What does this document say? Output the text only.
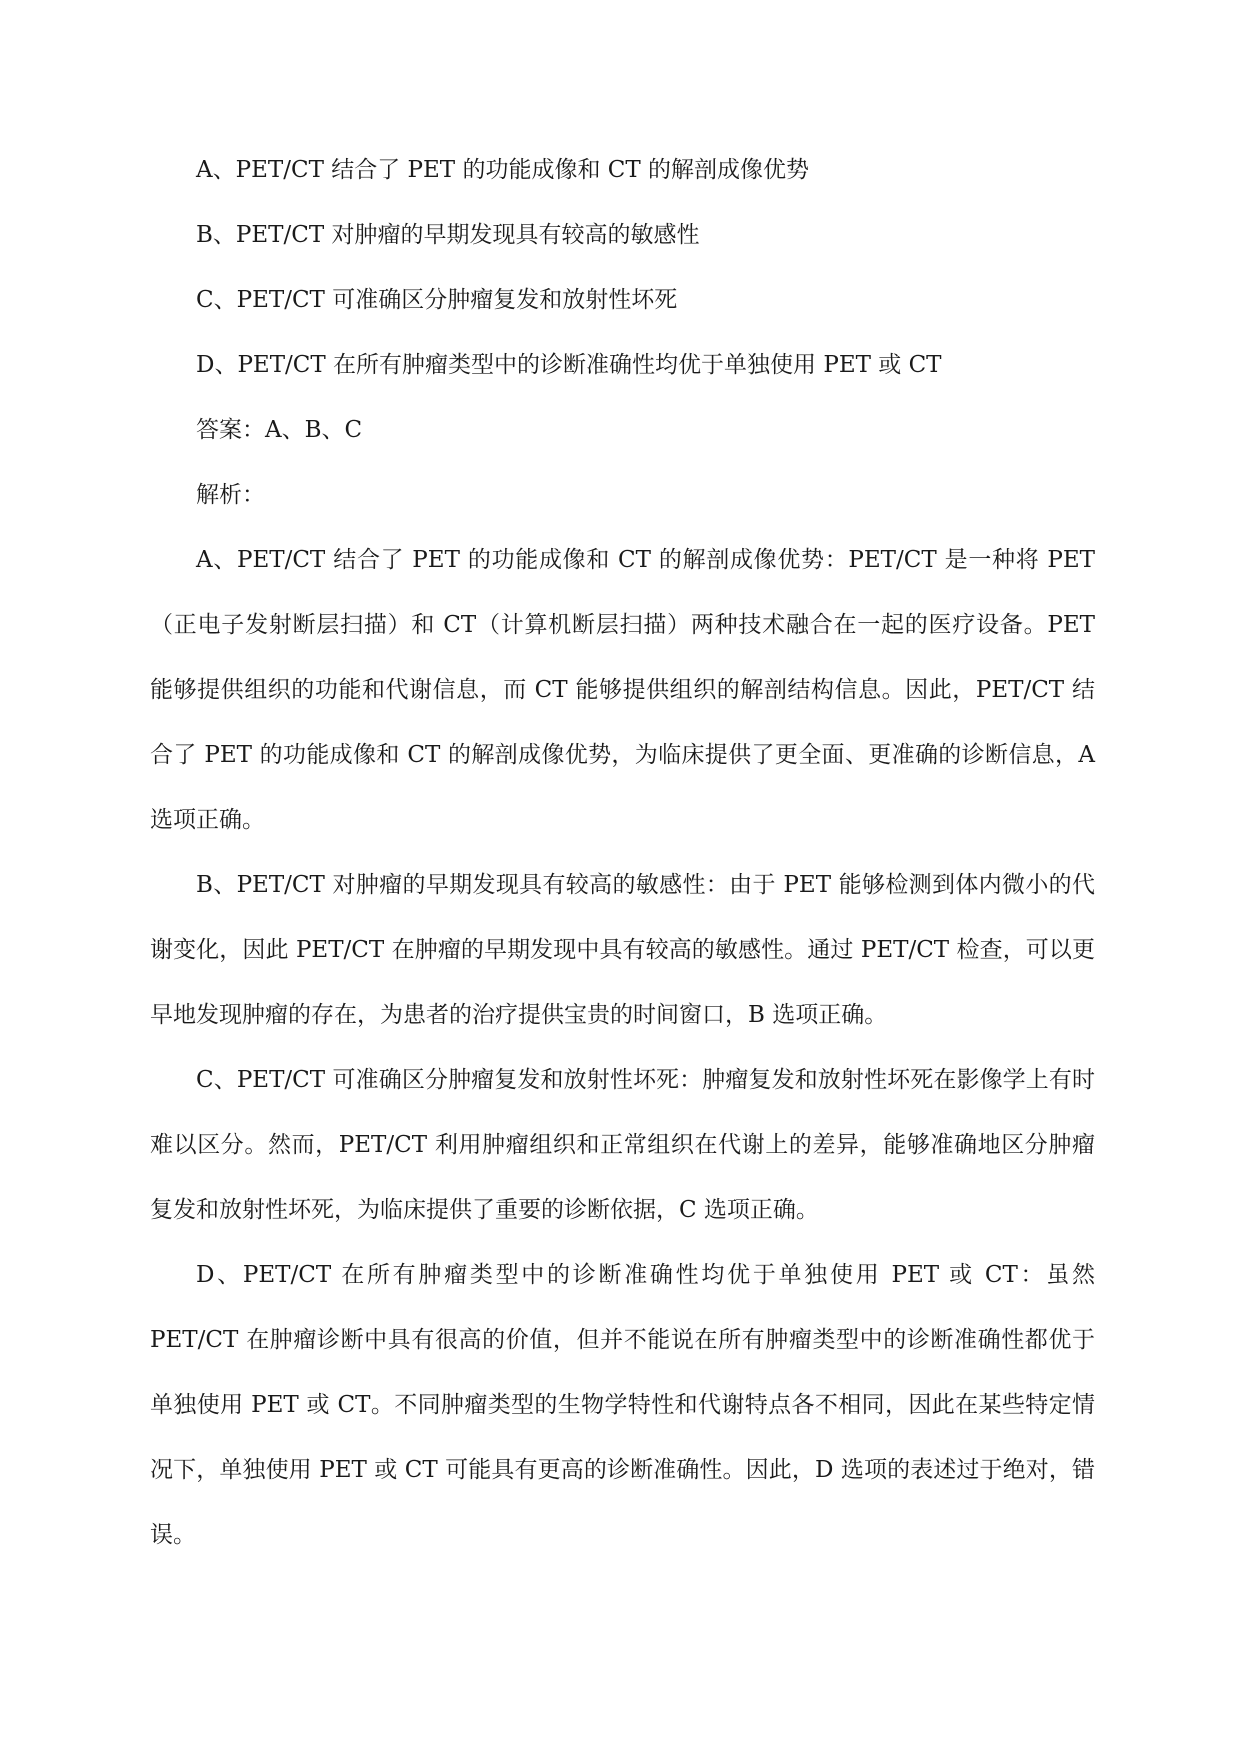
A、PET/CT 结合了 PET 的功能成像和 CT 的解剖成像优势

B、PET/CT 对肿瘤的早期发现具有较高的敏感性

C、PET/CT 可准确区分肿瘤复发和放射性坏死

D、PET/CT 在所有肿瘤类型中的诊断准确性均优于单独使用 PET 或 CT

答案：A、B、C

解析：

A、PET/CT 结合了 PET 的功能成像和 CT 的解剖成像优势：PET/CT 是一种将 PET（正电子发射断层扫描）和 CT（计算机断层扫描）两种技术融合在一起的医疗设备。PET 能够提供组织的功能和代谢信息，而 CT 能够提供组织的解剖结构信息。因此，PET/CT 结合了 PET 的功能成像和 CT 的解剖成像优势，为临床提供了更全面、更准确的诊断信息，A 选项正确。

B、PET/CT 对肿瘤的早期发现具有较高的敏感性：由于 PET 能够检测到体内微小的代谢变化，因此 PET/CT 在肿瘤的早期发现中具有较高的敏感性。通过 PET/CT 检查，可以更早地发现肿瘤的存在，为患者的治疗提供宝贵的时间窗口，B 选项正确。

C、PET/CT 可准确区分肿瘤复发和放射性坏死：肿瘤复发和放射性坏死在影像学上有时难以区分。然而，PET/CT 利用肿瘤组织和正常组织在代谢上的差异，能够准确地区分肿瘤复发和放射性坏死，为临床提供了重要的诊断依据，C 选项正确。

D、PET/CT 在所有肿瘤类型中的诊断准确性均优于单独使用 PET 或 CT：虽然 PET/CT 在肿瘤诊断中具有很高的价值，但并不能说在所有肿瘤类型中的诊断准确性都优于单独使用 PET 或 CT。不同肿瘤类型的生物学特性和代谢特点各不相同，因此在某些特定情况下，单独使用 PET 或 CT 可能具有更高的诊断准确性。因此，D 选项的表述过于绝对，错误。
